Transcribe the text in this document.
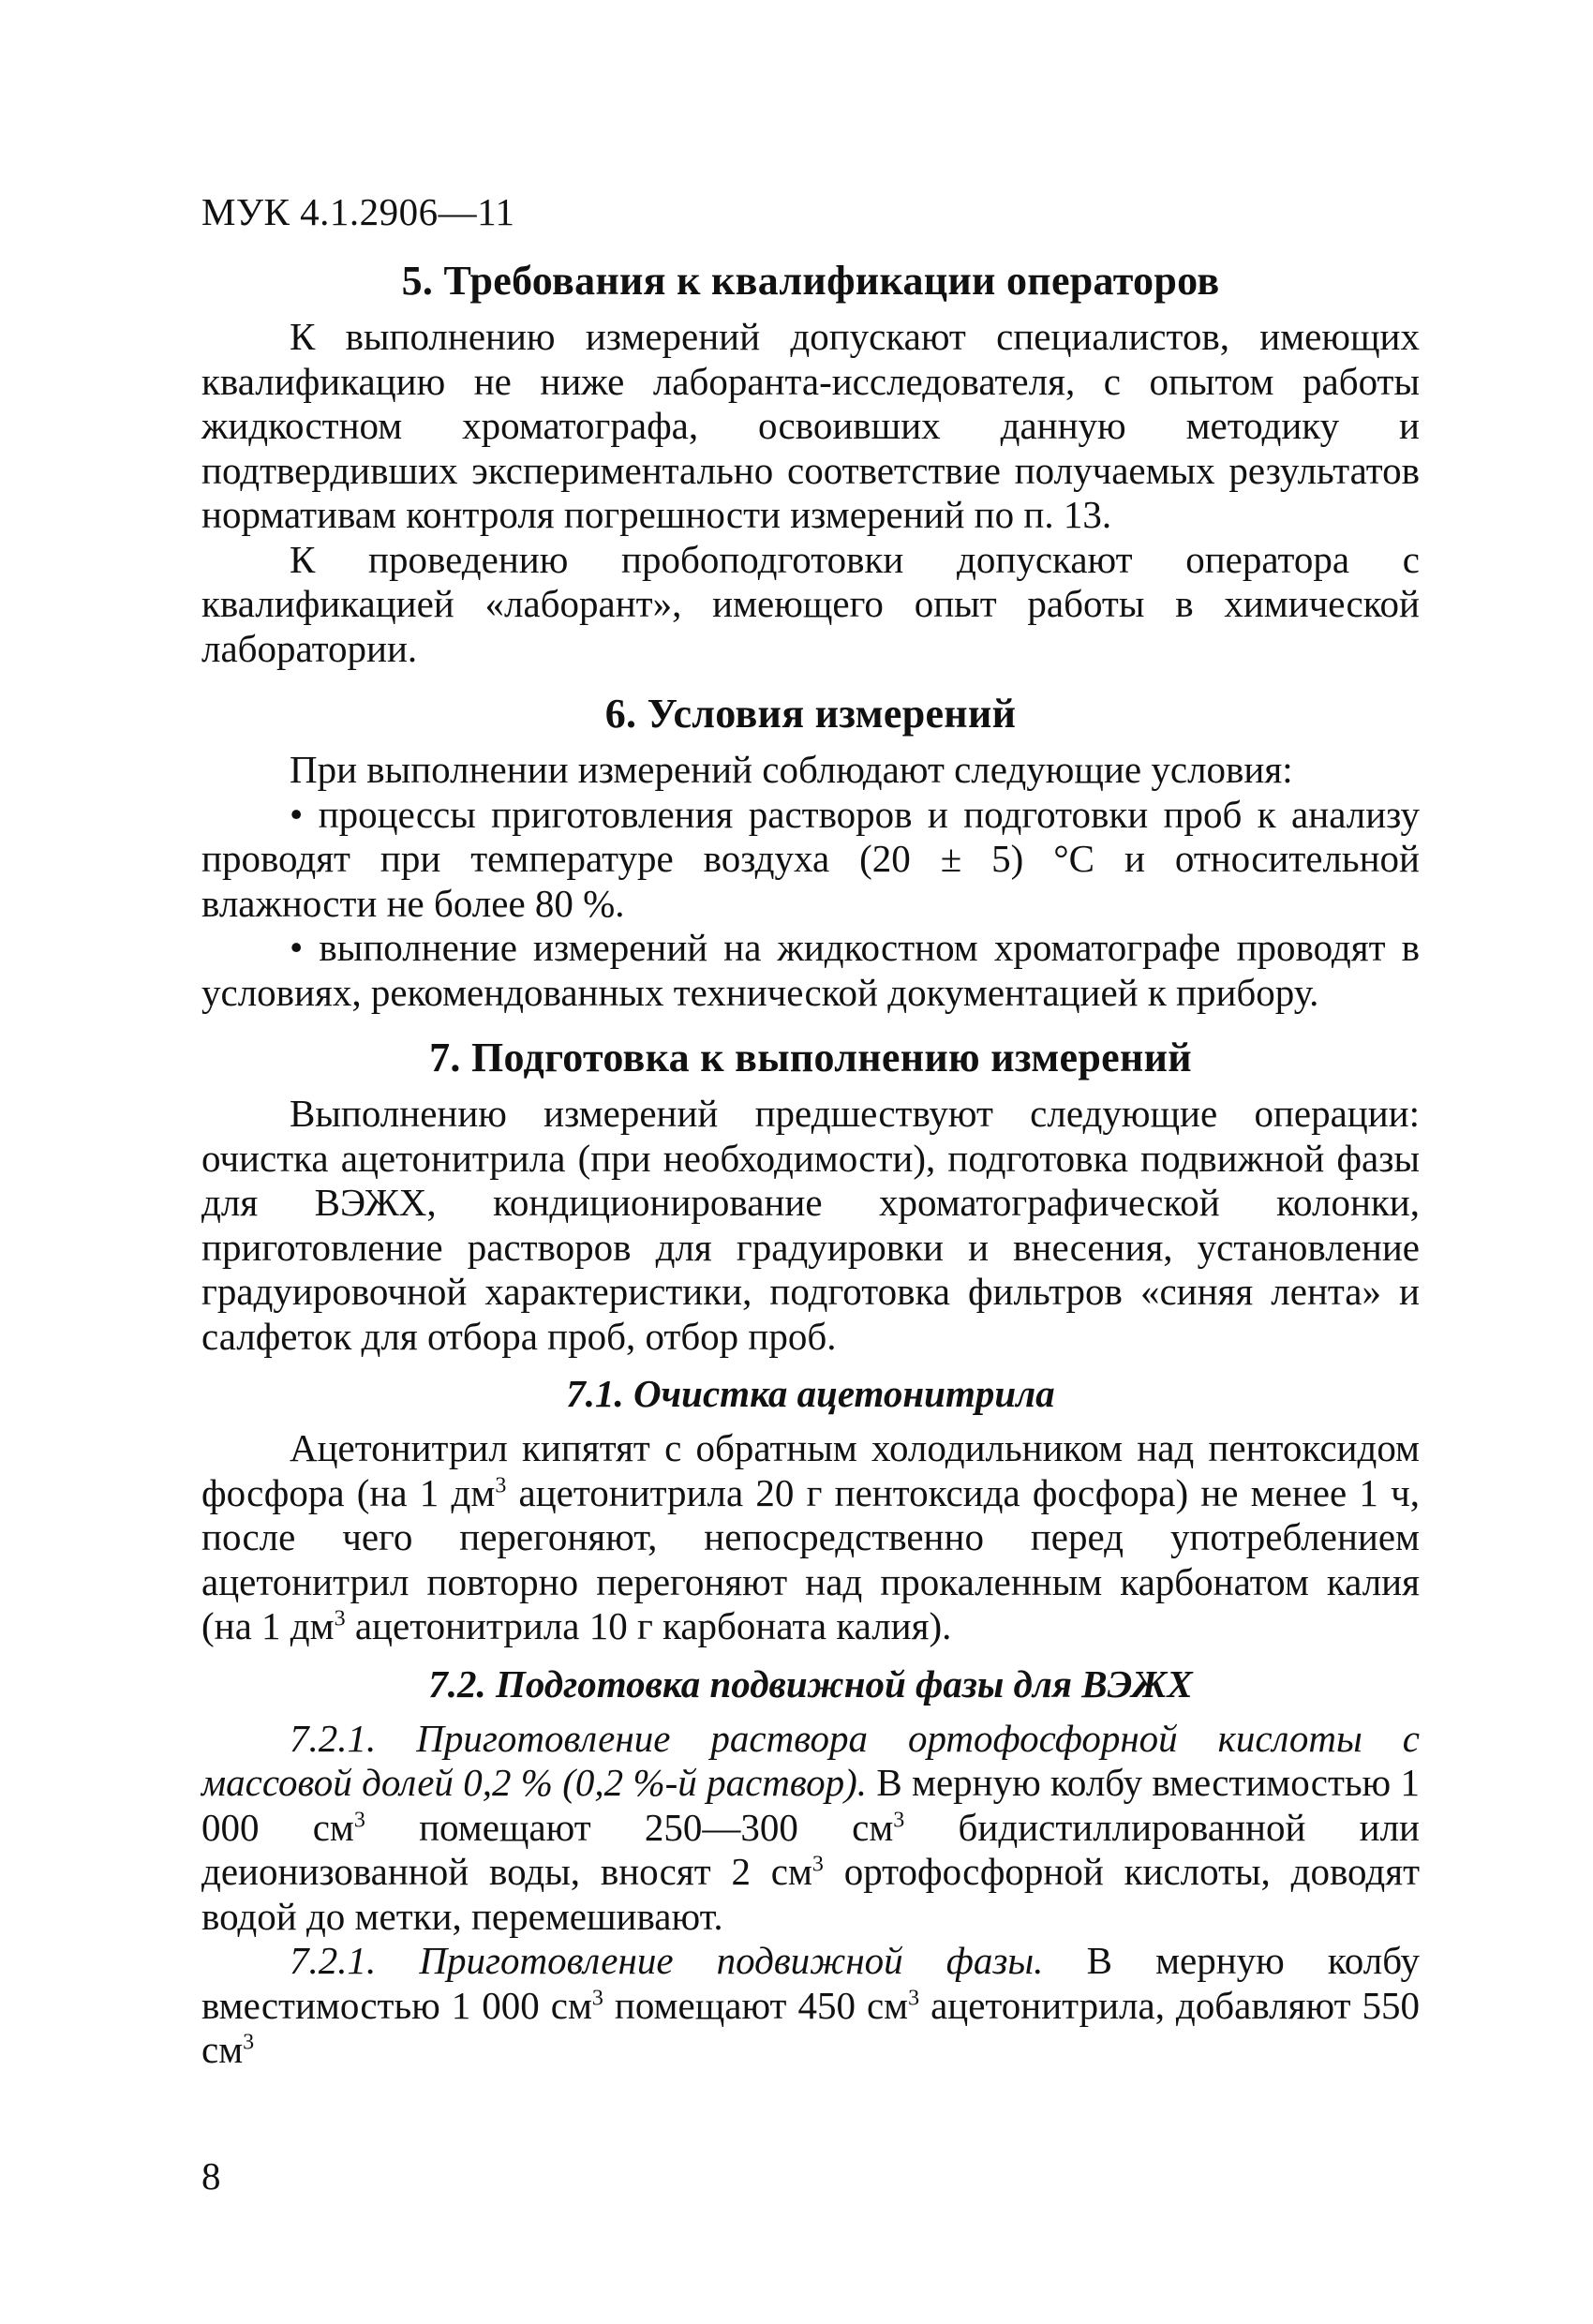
МУК 4.1.2906—11
5. Требования к квалификации операторов

К выполнению измерений допускают специалистов, имеющих квалификацию не ниже лаборанта-исследователя, с опытом работы жидкостном хроматографа, освоивших данную методику и подтвердивших экспериментально соответствие получаемых результатов нормативам контроля погрешности измерений по п. 13.

К проведению пробоподготовки допускают оператора с квалификацией «лаборант», имеющего опыт работы в химической лаборатории.

6. Условия измерений

При выполнении измерений соблюдают следующие условия:

• процессы приготовления растворов и подготовки проб к анализу проводят при температуре воздуха (20 ± 5) °C и относительной влажности не более 80 %.

• выполнение измерений на жидкостном хроматографе проводят в условиях, рекомендованных технической документацией к прибору.

7. Подготовка к выполнению измерений

Выполнению измерений предшествуют следующие операции: очистка ацетонитрила (при необходимости), подготовка подвижной фазы для ВЭЖХ, кондиционирование хроматографической колонки, приготовление растворов для градуировки и внесения, установление градуировочной характеристики, подготовка фильтров «синяя лента» и салфеток для отбора проб, отбор проб.

7.1. Очистка ацетонитрила

Ацетонитрил кипятят с обратным холодильником над пентоксидом фосфора (на 1 $дм^3$ ацетонитрила 20 г пентоксида фосфора) не менее 1 ч, после чего перегоняют, непосредственно перед употреблением ацетонитрил повторно перегоняют над прокаленным карбонатом калия (на 1 $дм^3$ ацетонитрила 10 г карбоната калия).

7.2. Подготовка подвижной фазы для ВЭЖХ

7.2.1. Приготовление раствора ортофосфорной кислоты с массовой долей 0,2 % (0,2 %-й раствор). В мерную колбу вместимостью 1 000 $см^3$ помещают 250—300 $см^3$ бидистиллированной или деионизованной воды, вносят 2 $см^3$ ортофосфорной кислоты, доводят водой до метки, перемешивают.

7.2.1. Приготовление подвижной фазы. В мерную колбу вместимостью 1 000 $см^3$ помещают 450 $см^3$ ацетонитрила, добавляют 550 $см^3$

8
